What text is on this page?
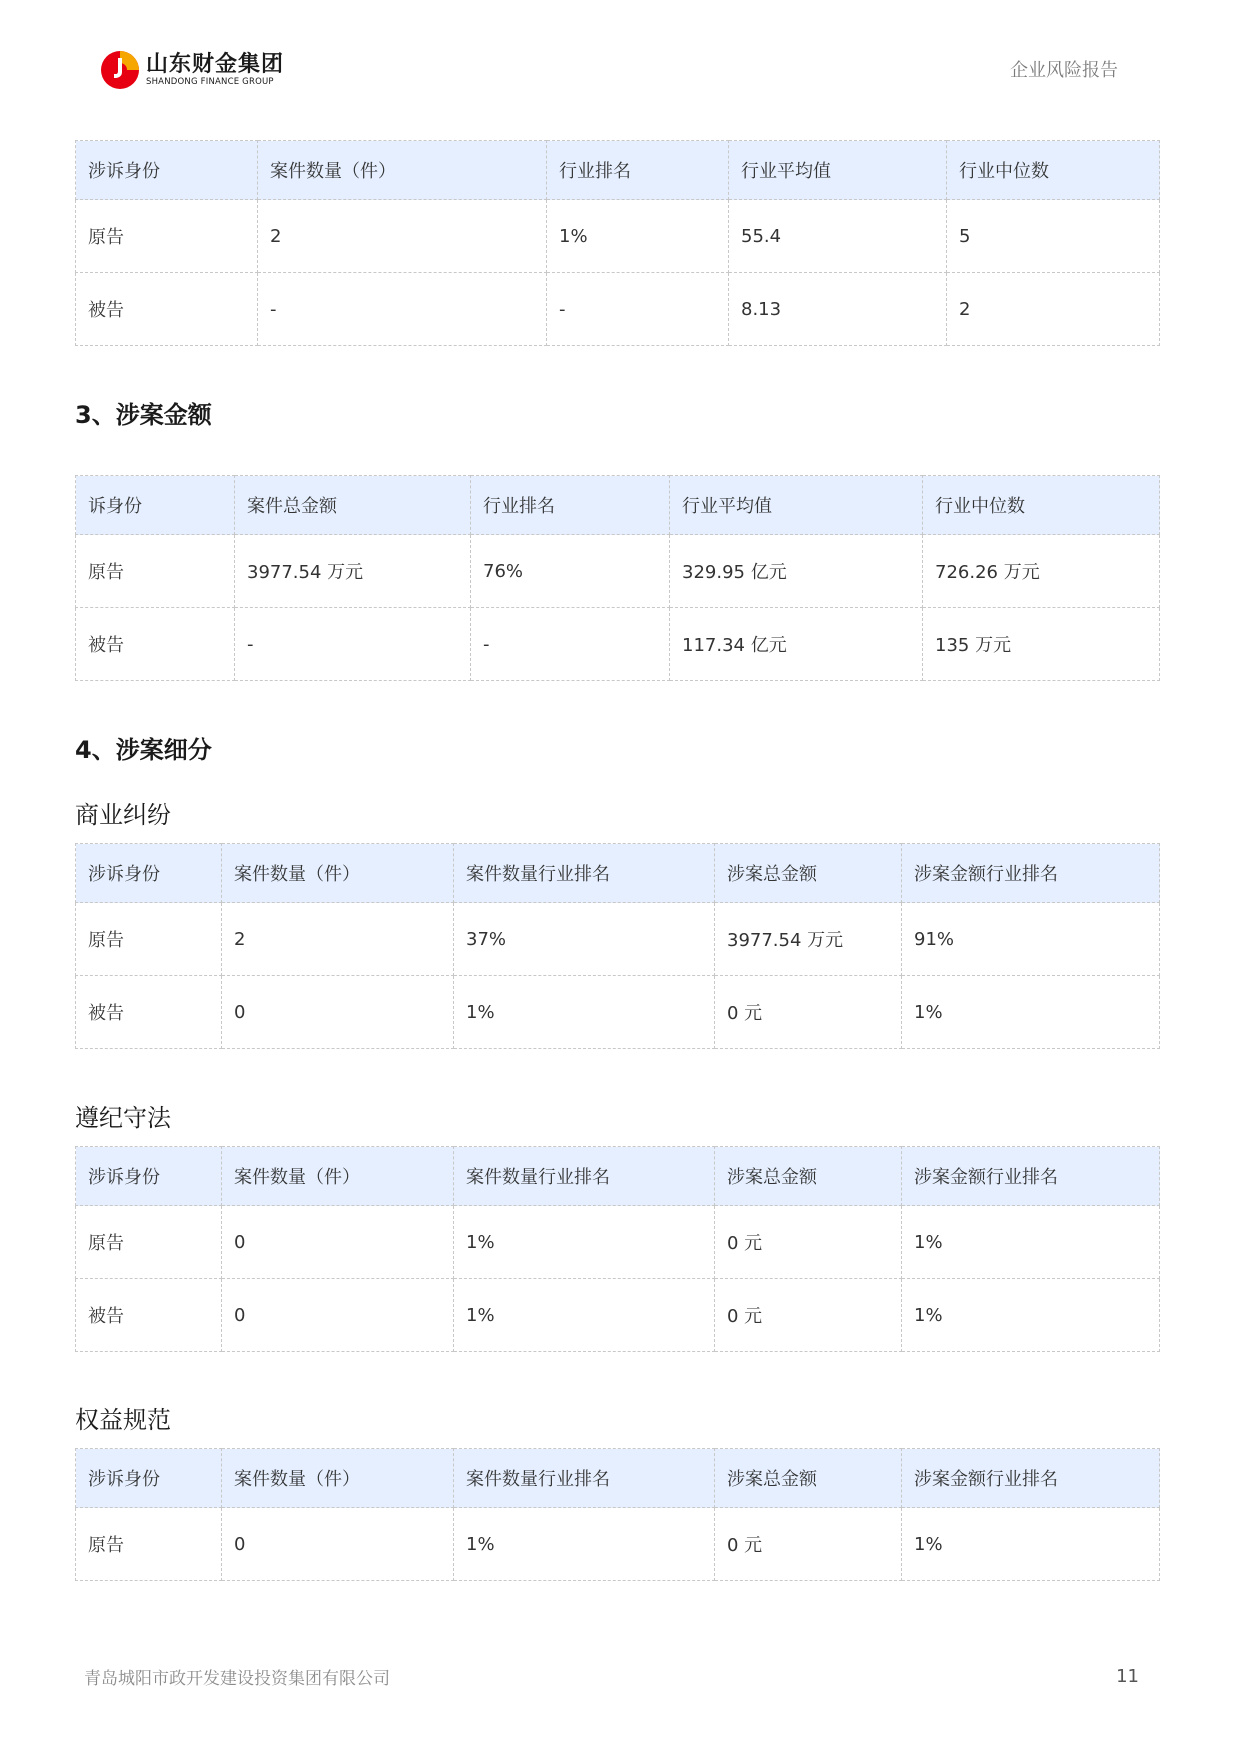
山东财金集团
SHANDONG FINANCE GROUP
企业风险报告
涉诉身份	案件数量（件）	行业排名	行业平均值	行业中位数
原告	2	1%	55.4	5
被告	-	-	8.13	2
3、涉案金额
诉身份	案件总金额	行业排名	行业平均值	行业中位数
原告	3977.54 万元	76%	329.95 亿元	726.26 万元
被告	-	-	117.34 亿元	135 万元
4、涉案细分
商业纠纷
涉诉身份	案件数量（件）	案件数量行业排名	涉案总金额	涉案金额行业排名
原告	2	37%	3977.54 万元	91%
被告	0	1%	0 元	1%
遵纪守法
涉诉身份	案件数量（件）	案件数量行业排名	涉案总金额	涉案金额行业排名
原告	0	1%	0 元	1%
被告	0	1%	0 元	1%
权益规范
涉诉身份	案件数量（件）	案件数量行业排名	涉案总金额	涉案金额行业排名
原告	0	1%	0 元	1%
青岛城阳市政开发建设投资集团有限公司	11
